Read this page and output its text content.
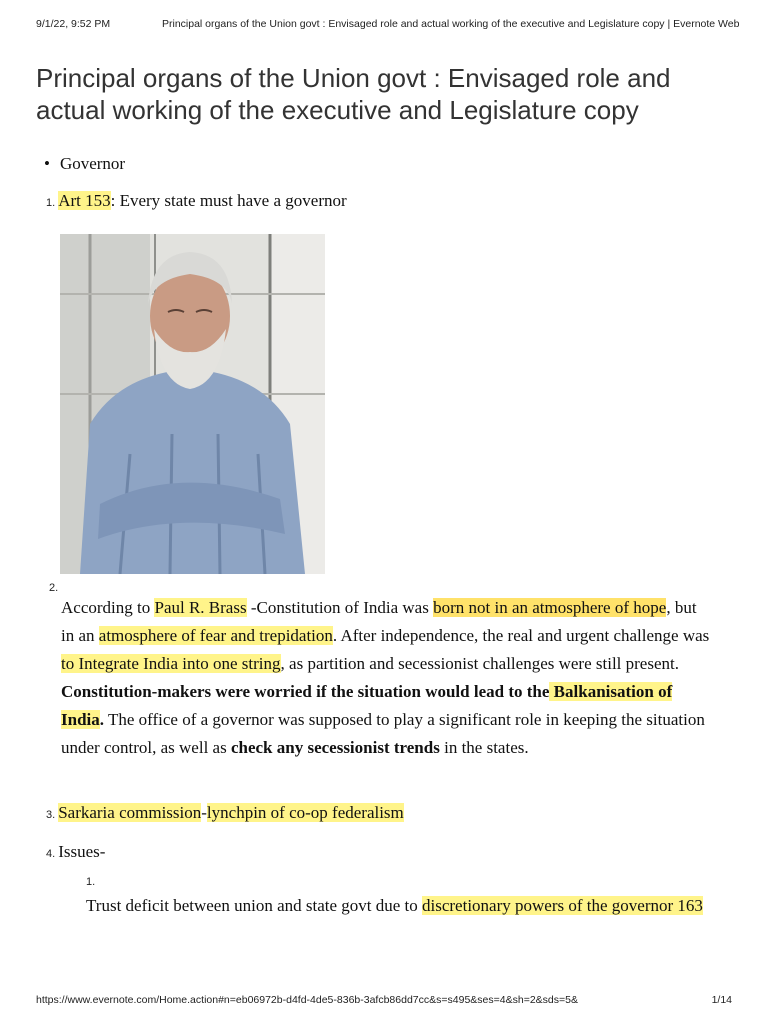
9/1/22, 9:52 PM	Principal organs of the Union govt : Envisaged role and actual working of the executive and Legislature copy | Evernote Web
Principal organs of the Union govt : Envisaged role and actual working of the executive and Legislature copy
• Governor
1. Art 153: Every state must have a governor
2.

According to Paul R. Brass -Constitution of India was born not in an atmosphere of hope, but in an atmosphere of fear and trepidation. After independence, the real and urgent challenge was to Integrate India into one string, as partition and secessionist challenges were still present. Constitution-makers were worried if the situation would lead to the Balkanisation of India. The office of a governor was supposed to play a significant role in keeping the situation under control, as well as check any secessionist trends in the states.

3. Sarkaria commission-lynchpin of co-op federalism
4. Issues-
1.

Trust deficit between union and state govt due to discretionary powers of the governor 163

https://www.evernote.com/Home.action#n=eb06972b-d4fd-4de5-836b-3afcb86dd7cc&s=s495&ses=4&sh=2&sds=5&	1/14
